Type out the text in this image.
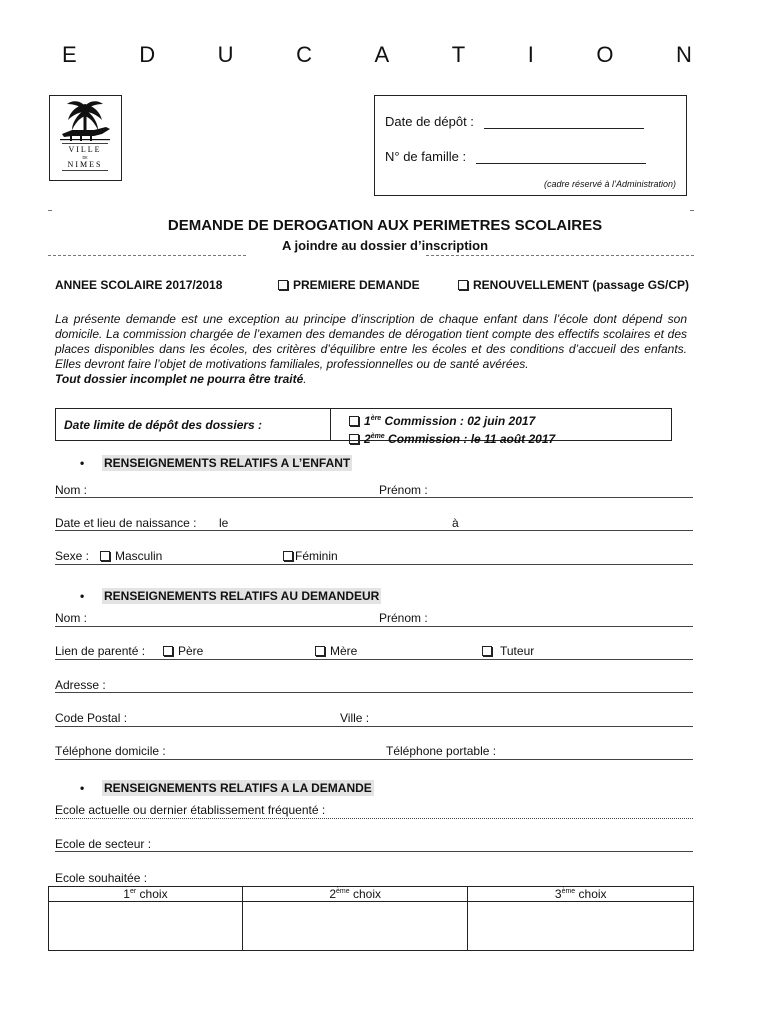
E	D	U	C	A	T	I	O	N
VILLE
DE
NIMES
Date de dépôt :
N° de famille :
(cadre réservé à l’Administration)
DEMANDE DE DEROGATION AUX PERIMETRES SCOLAIRES
A joindre au dossier d’inscription
ANNEE SCOLAIRE 2017/2018	PREMIERE DEMANDE	RENOUVELLEMENT (passage GS/CP)
La présente demande est une exception au principe d’inscription de chaque enfant dans l’école dont dépend son domicile. La commission chargée de l’examen des demandes de dérogation tient compte des effectifs scolaires et des places disponibles dans les écoles, des critères d’équilibre entre les écoles et des conditions d’accueil des enfants. Elles devront faire l’objet de motivations familiales, professionnelles ou de santé avérées.
Tout dossier incomplet ne pourra être traité.
Date limite de dépôt des dossiers :	1ère Commission : 02 juin 2017
2ème Commission : le 11 août 2017
• RENSEIGNEMENTS RELATIFS A L’ENFANT
Nom :	Prénom :
Date et lieu de naissance : le	à
Sexe :	Masculin	Féminin
• RENSEIGNEMENTS RELATIFS AU DEMANDEUR
Nom :	Prénom :
Lien de parenté :	Père	Mère	Tuteur
Adresse :
Code Postal :	Ville :
Téléphone domicile :	Téléphone portable :
• RENSEIGNEMENTS RELATIFS A LA DEMANDE
Ecole actuelle ou dernier établissement fréquenté :
Ecole de secteur :
Ecole souhaitée :
1er choix	2ème choix	3ème choix
